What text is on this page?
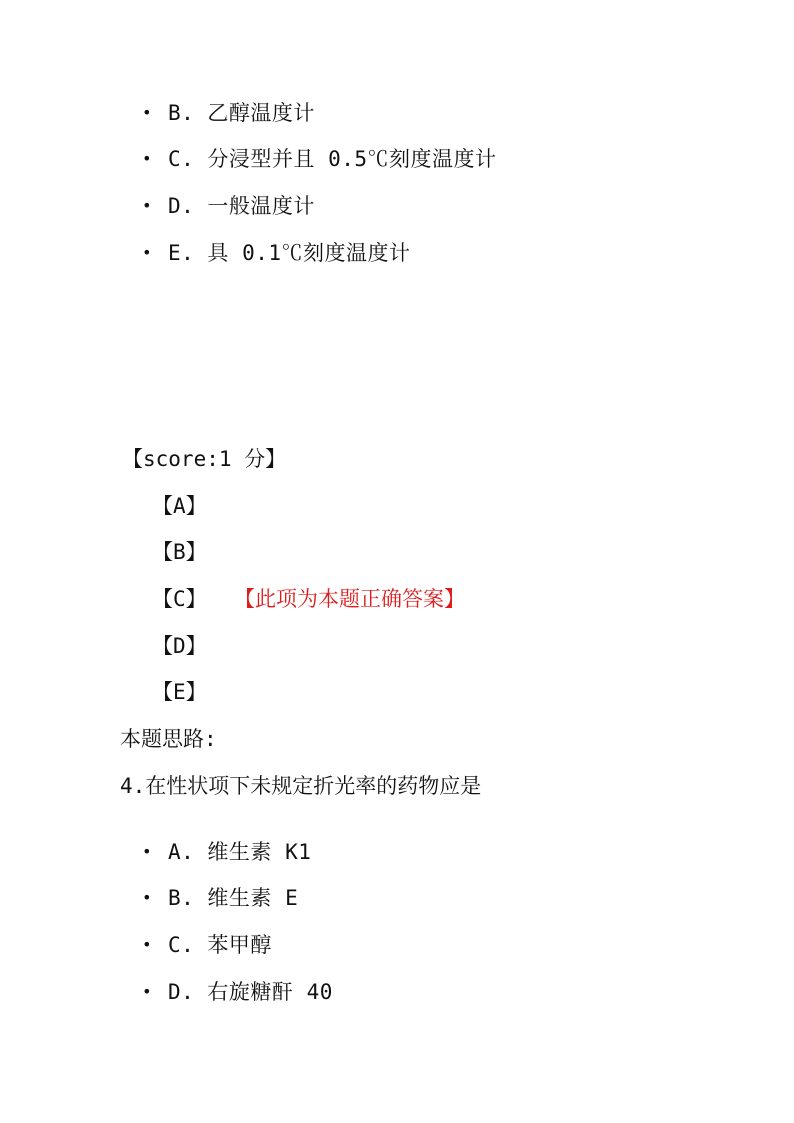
• B. 乙醇温度计
• C. 分浸型并且 0.5℃刻度温度计
• D. 一般温度计
• E. 具 0.1℃刻度温度计
【score:1 分】
【A】
【B】
【C】 【此项为本题正确答案】
【D】
【E】
本题思路:
4.在性状项下未规定折光率的药物应是
• A. 维生素 K1
• B. 维生素 E
• C. 苯甲醇
• D. 右旋糖酐 40
